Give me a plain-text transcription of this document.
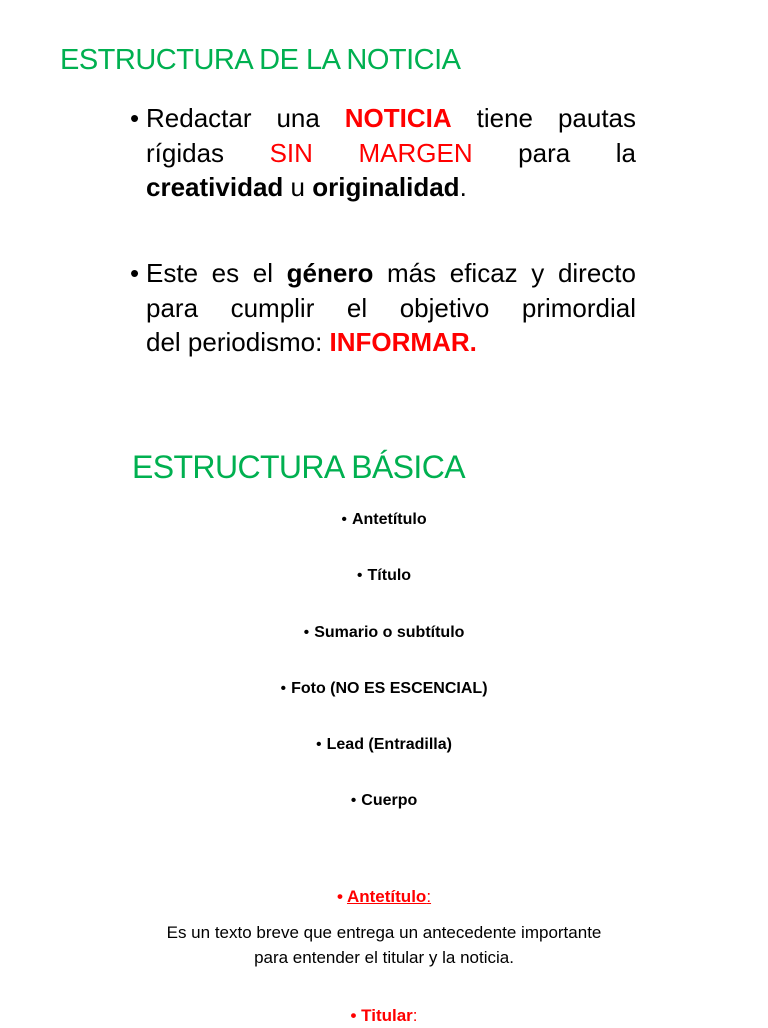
ESTRUCTURA DE LA NOTICIA
• Redactar una NOTICIA tiene pautas
rígidas SIN MARGEN para la
creatividad u originalidad.
• Este es el género más eficaz y directo
para cumplir el objetivo primordial
del periodismo: INFORMAR.
ESTRUCTURA BÁSICA
• Antetítulo
• Título
• Sumario o subtítulo
• Foto (NO ES ESCENCIAL)
• Lead (Entradilla)
• Cuerpo
• Antetítulo:
Es un texto breve que entrega un antecedente importante
para entender el titular y la noticia.
• Titular:
